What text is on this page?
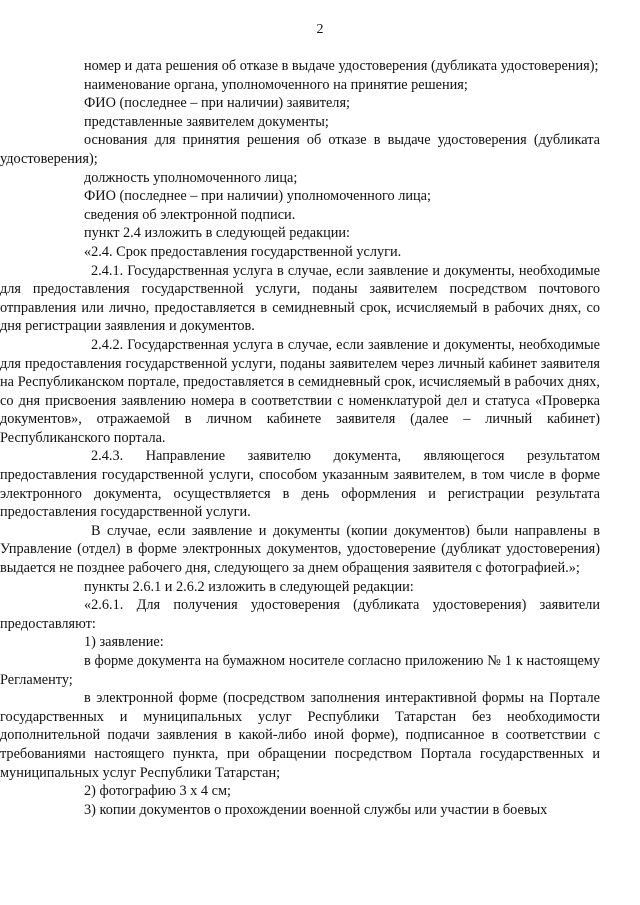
2

номер и дата решения об отказе в выдаче удостоверения (дубликата удостоверения);

наименование органа, уполномоченного на принятие решения;

ФИО (последнее – при наличии) заявителя;

представленные заявителем документы;

основания для принятия решения об отказе в выдаче удостоверения (дубликата удостоверения);

должность уполномоченного лица;

ФИО (последнее – при наличии) уполномоченного лица;

сведения об электронной подписи.

пункт 2.4 изложить в следующей редакции:

«2.4. Срок предоставления государственной услуги.

2.4.1. Государственная услуга в случае, если заявление и документы, необходимые для предоставления государственной услуги, поданы заявителем посредством почтового отправления или лично, предоставляется в семидневный срок, исчисляемый в рабочих днях, со дня регистрации заявления и документов.

2.4.2. Государственная услуга в случае, если заявление и документы, необходимые для предоставления государственной услуги, поданы заявителем через личный кабинет заявителя на Республиканском портале, предоставляется в семидневный срок, исчисляемый в рабочих днях, со дня присвоения заявлению номера в соответствии с номенклатурой дел и статуса «Проверка документов», отражаемой в личном кабинете заявителя (далее – личный кабинет) Республиканского портала.

2.4.3. Направление заявителю документа, являющегося результатом предоставления государственной услуги, способом указанным заявителем, в том числе в форме электронного документа, осуществляется в день оформления и регистрации результата предоставления государственной услуги.

В случае, если заявление и документы (копии документов) были направлены в Управление (отдел) в форме электронных документов, удостоверение (дубликат удостоверения) выдается не позднее рабочего дня, следующего за днем обращения заявителя с фотографией.»;

пункты 2.6.1 и 2.6.2 изложить в следующей редакции:

«2.6.1. Для получения удостоверения (дубликата удостоверения) заявители предоставляют:

1) заявление:

в форме документа на бумажном носителе согласно приложению № 1 к настоящему Регламенту;

в электронной форме (посредством заполнения интерактивной формы на Портале государственных и муниципальных услуг Республики Татарстан без необходимости дополнительной подачи заявления в какой-либо иной форме), подписанное в соответствии с требованиями настоящего пункта, при обращении посредством Портала государственных и муниципальных услуг Республики Татарстан;

2) фотографию 3 х 4 см;

3) копии документов о прохождении военной службы или участии в боевых
